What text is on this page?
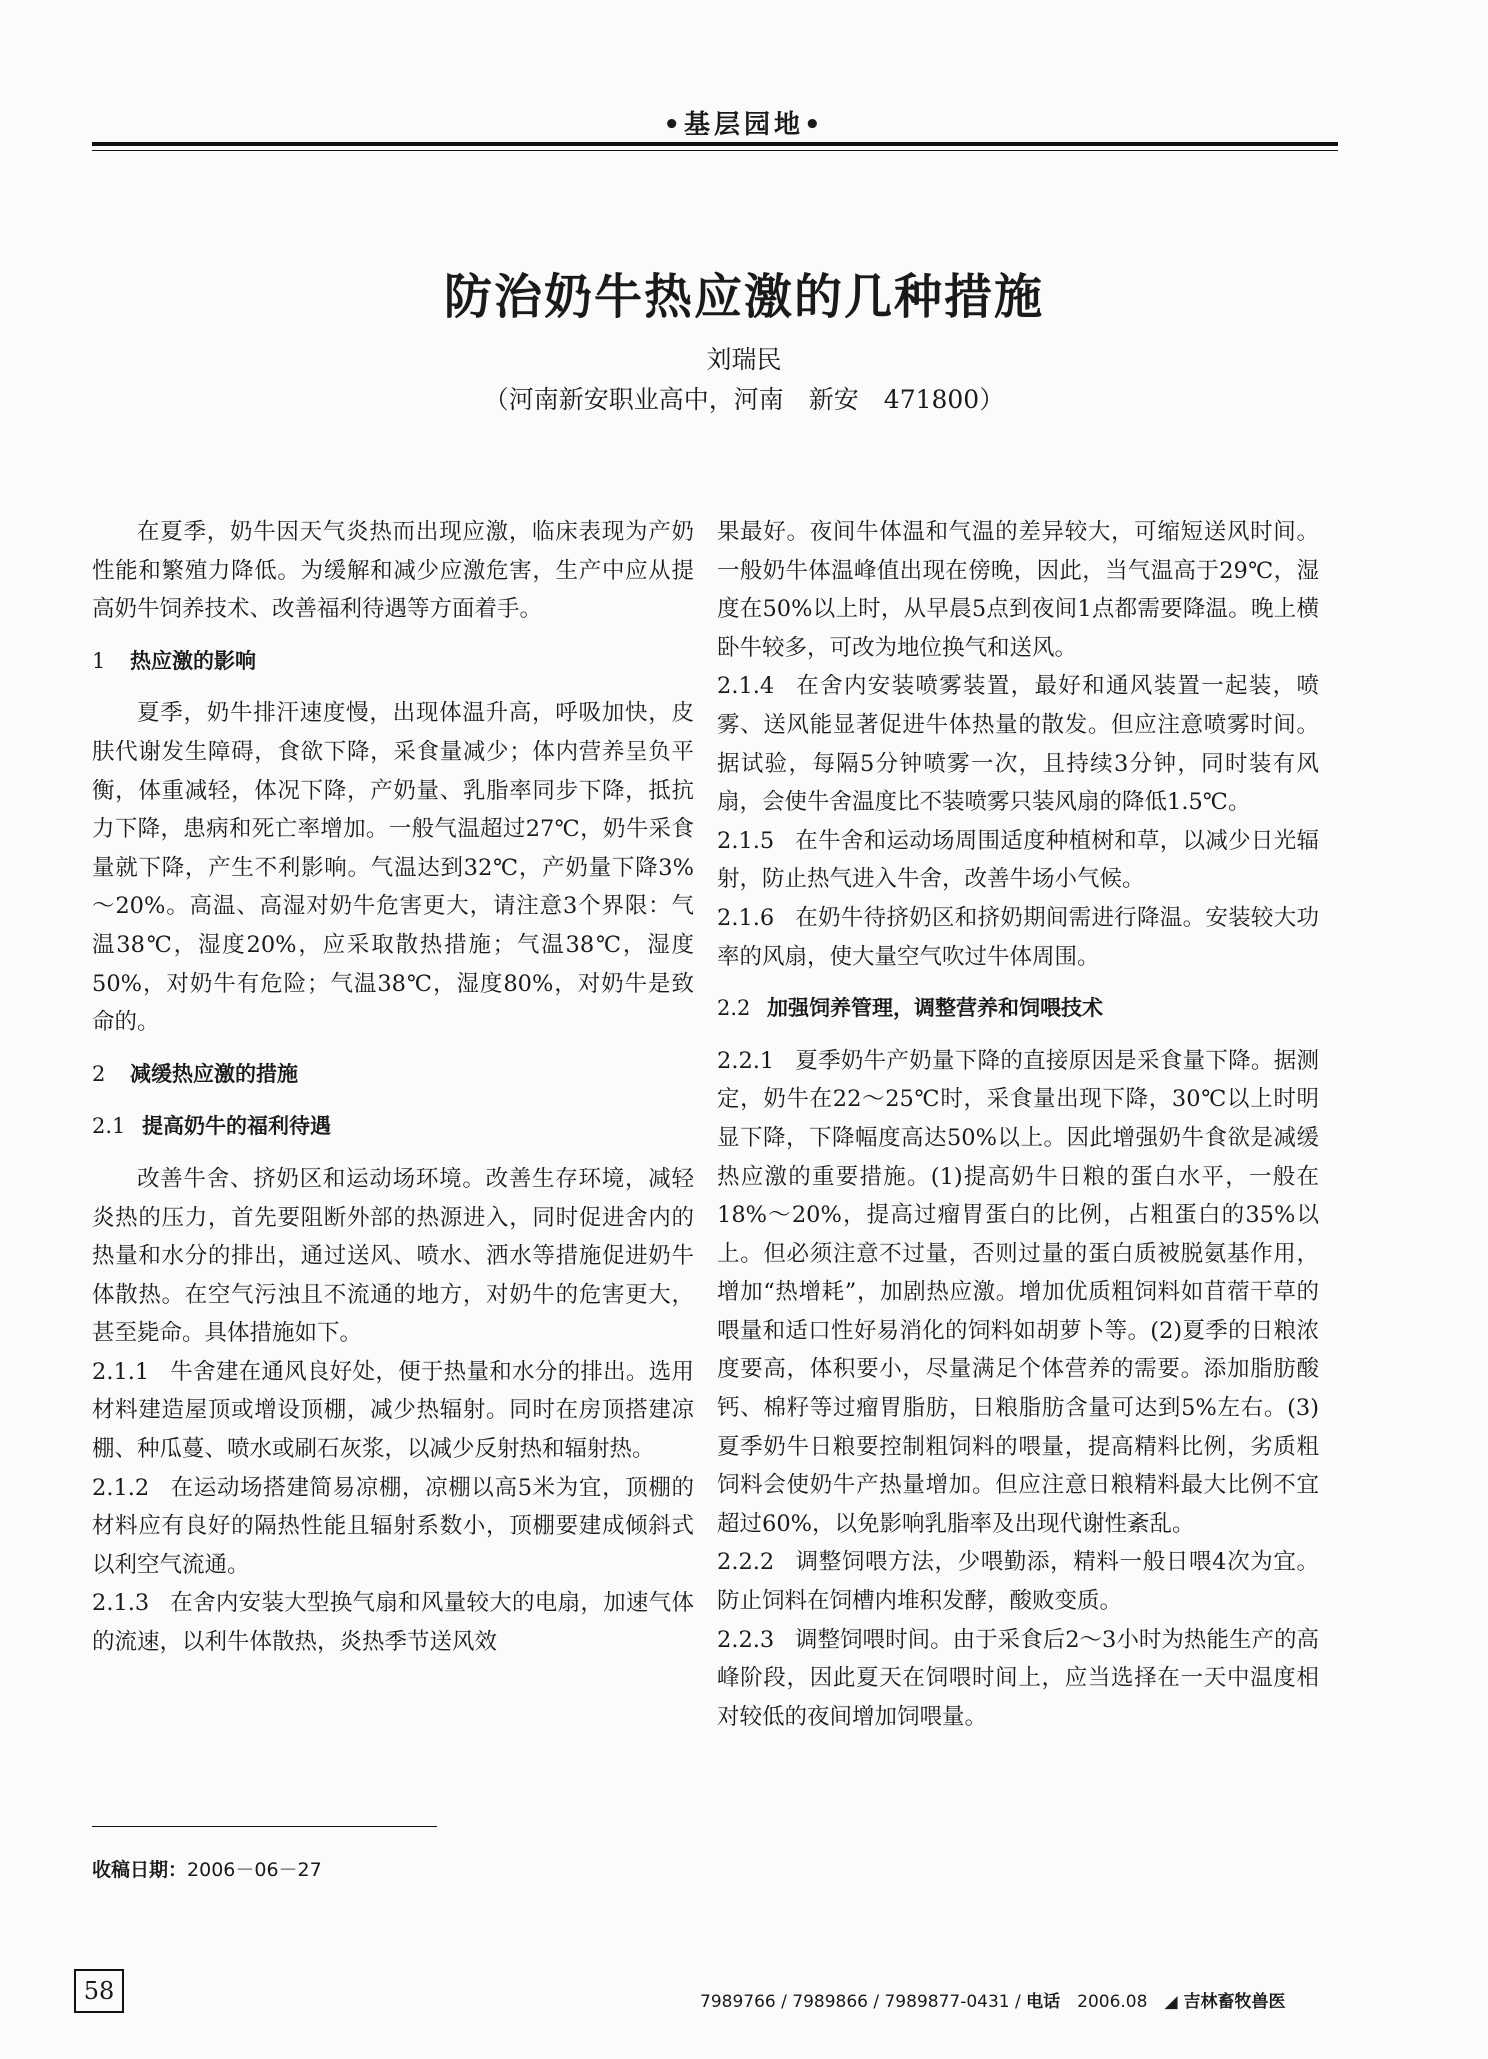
•基层园地•
防治奶牛热应激的几种措施
刘瑞民
（河南新安职业高中，河南　新安　471800）

在夏季，奶牛因天气炎热而出现应激，临床表现为产奶性能和繁殖力降低。为缓解和减少应激危害，生产中应从提高奶牛饲养技术、改善福利待遇等方面着手。

1 热应激的影响

夏季，奶牛排汗速度慢，出现体温升高，呼吸加快，皮肤代谢发生障碍，食欲下降，采食量减少；体内营养呈负平衡，体重减轻，体况下降，产奶量、乳脂率同步下降，抵抗力下降，患病和死亡率增加。一般气温超过27℃，奶牛采食量就下降，产生不利影响。气温达到32℃，产奶量下降3%～20%。高温、高湿对奶牛危害更大，请注意3个界限：气温38℃，湿度20%，应采取散热措施；气温38℃，湿度50%，对奶牛有危险；气温38℃，湿度80%，对奶牛是致命的。

2 减缓热应激的措施

2.1 提高奶牛的福利待遇

改善牛舍、挤奶区和运动场环境。改善生存环境，减轻炎热的压力，首先要阻断外部的热源进入，同时促进舍内的热量和水分的排出，通过送风、喷水、洒水等措施促进奶牛体散热。在空气污浊且不流通的地方，对奶牛的危害更大，甚至毙命。具体措施如下。

2.1.1 牛舍建在通风良好处，便于热量和水分的排出。选用材料建造屋顶或增设顶棚，减少热辐射。同时在房顶搭建凉棚、种瓜蔓、喷水或刷石灰浆，以减少反射热和辐射热。

2.1.2 在运动场搭建简易凉棚，凉棚以高5米为宜，顶棚的材料应有良好的隔热性能且辐射系数小，顶棚要建成倾斜式以利空气流通。

2.1.3 在舍内安装大型换气扇和风量较大的电扇，加速气体的流速，以利牛体散热，炎热季节送风效

果最好。夜间牛体温和气温的差异较大，可缩短送风时间。一般奶牛体温峰值出现在傍晚，因此，当气温高于29℃，湿度在50%以上时，从早晨5点到夜间1点都需要降温。晚上横卧牛较多，可改为地位换气和送风。

2.1.4 在舍内安装喷雾装置，最好和通风装置一起装，喷雾、送风能显著促进牛体热量的散发。但应注意喷雾时间。据试验，每隔5分钟喷雾一次，且持续3分钟，同时装有风扇，会使牛舍温度比不装喷雾只装风扇的降低1.5℃。

2.1.5 在牛舍和运动场周围适度种植树和草，以减少日光辐射，防止热气进入牛舍，改善牛场小气候。

2.1.6 在奶牛待挤奶区和挤奶期间需进行降温。安装较大功率的风扇，使大量空气吹过牛体周围。

2.2 加强饲养管理，调整营养和饲喂技术

2.2.1 夏季奶牛产奶量下降的直接原因是采食量下降。据测定，奶牛在22～25℃时，采食量出现下降，30℃以上时明显下降，下降幅度高达50%以上。因此增强奶牛食欲是减缓热应激的重要措施。(1)提高奶牛日粮的蛋白水平，一般在18%～20%，提高过瘤胃蛋白的比例，占粗蛋白的35%以上。但必须注意不过量，否则过量的蛋白质被脱氨基作用，增加“热增耗”，加剧热应激。增加优质粗饲料如苜蓿干草的喂量和适口性好易消化的饲料如胡萝卜等。(2)夏季的日粮浓度要高，体积要小，尽量满足个体营养的需要。添加脂肪酸钙、棉籽等过瘤胃脂肪，日粮脂肪含量可达到5%左右。(3)夏季奶牛日粮要控制粗饲料的喂量，提高精料比例，劣质粗饲料会使奶牛产热量增加。但应注意日粮精料最大比例不宜超过60%，以免影响乳脂率及出现代谢性紊乱。

2.2.2 调整饲喂方法，少喂勤添，精料一般日喂4次为宜。防止饲料在饲槽内堆积发酵，酸败变质。

2.2.3 调整饲喂时间。由于采食后2～3小时为热能生产的高峰阶段，因此夏天在饲喂时间上，应当选择在一天中温度相对较低的夜间增加饲喂量。

收稿日期：2006－06－27
58	7989766 / 7989866 / 7989877-0431 / 电话　2006.08　◢ 吉林畜牧兽医
